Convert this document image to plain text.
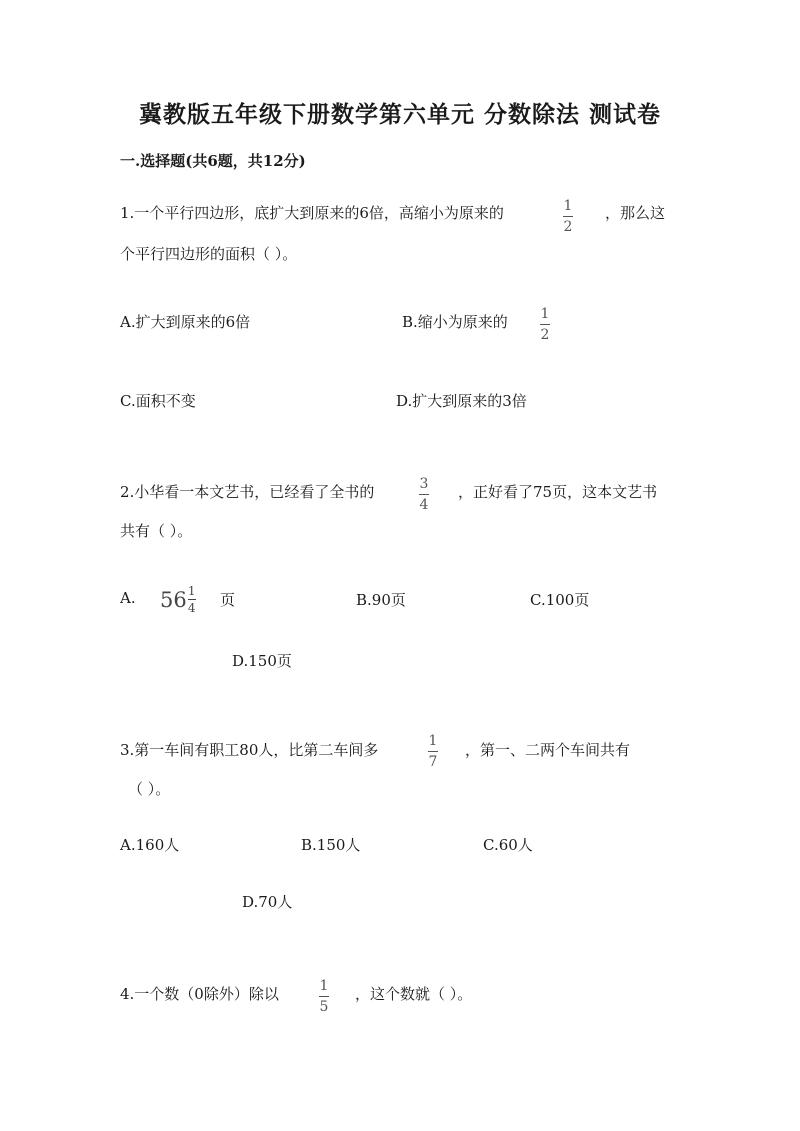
冀教版五年级下册数学第六单元 分数除法 测试卷
一.选择题(共6题，共12分)
1.一个平行四边形，底扩大到原来的6倍，高缩小为原来的	1
2
，那么这
个平行四边形的面积（ ）。
A.扩大到原来的6倍	B.缩小为原来的 1
2
C.面积不变	D.扩大到原来的3倍
2.小华看一本文艺书，已经看了全书的	3
4
，正好看了75页，这本文艺书
共有（ ）。
A. 56 1
4 页	B.90页	C.100页
D.150页
3.第一车间有职工80人，比第二车间多	1
7
，第一、二两个车间共有
（ ）。
A.160人	B.150人	C.60人
D.70人
4.一个数（0除外）除以	1
5
，这个数就（ ）。
